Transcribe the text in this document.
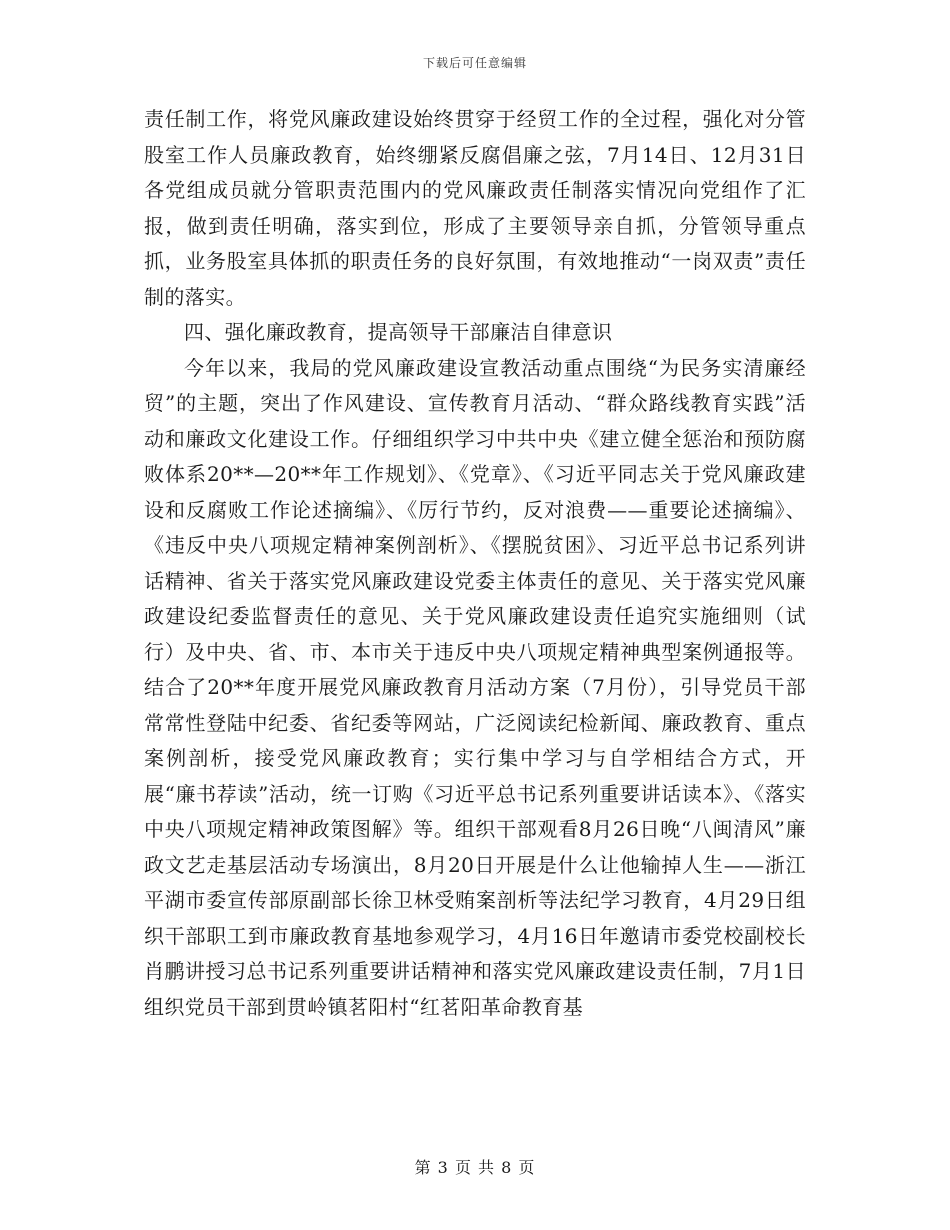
下载后可任意编辑

责任制工作，将党风廉政建设始终贯穿于经贸工作的全过程，强化对分管股室工作人员廉政教育，始终绷紧反腐倡廉之弦，7月14日、12月31日各党组成员就分管职责范围内的党风廉政责任制落实情况向党组作了汇报，做到责任明确，落实到位，形成了主要领导亲自抓，分管领导重点抓，业务股室具体抓的职责任务的良好氛围，有效地推动“一岗双责”责任制的落实。

四、强化廉政教育，提高领导干部廉洁自律意识

今年以来，我局的党风廉政建设宣教活动重点围绕“为民务实清廉经贸”的主题，突出了作风建设、宣传教育月活动、“群众路线教育实践”活动和廉政文化建设工作。仔细组织学习中共中央《建立健全惩治和预防腐败体系20**—20**年工作规划》、《党章》、《习近平同志关于党风廉政建设和反腐败工作论述摘编》、《厉行节约，反对浪费——重要论述摘编》、《违反中央八项规定精神案例剖析》、《摆脱贫困》、习近平总书记系列讲话精神、省关于落实党风廉政建设党委主体责任的意见、关于落实党风廉政建设纪委监督责任的意见、关于党风廉政建设责任追究实施细则（试行）及中央、省、市、本市关于违反中央八项规定精神典型案例通报等。结合了20**年度开展党风廉政教育月活动方案（7月份），引导党员干部常常性登陆中纪委、省纪委等网站，广泛阅读纪检新闻、廉政教育、重点案例剖析，接受党风廉政教育；实行集中学习与自学相结合方式，开展“廉书荐读”活动，统一订购《习近平总书记系列重要讲话读本》、《落实中央八项规定精神政策图解》等。组织干部观看8月26日晚“八闽清风”廉政文艺走基层活动专场演出，8月20日开展是什么让他输掉人生——浙江平湖市委宣传部原副部长徐卫林受贿案剖析等法纪学习教育，4月29日组织干部职工到市廉政教育基地参观学习，4月16日年邀请市委党校副校长肖鹏讲授习总书记系列重要讲话精神和落实党风廉政建设责任制，7月1日组织党员干部到贯岭镇茗阳村“红茗阳革命教育基

第 3 页 共 8 页
